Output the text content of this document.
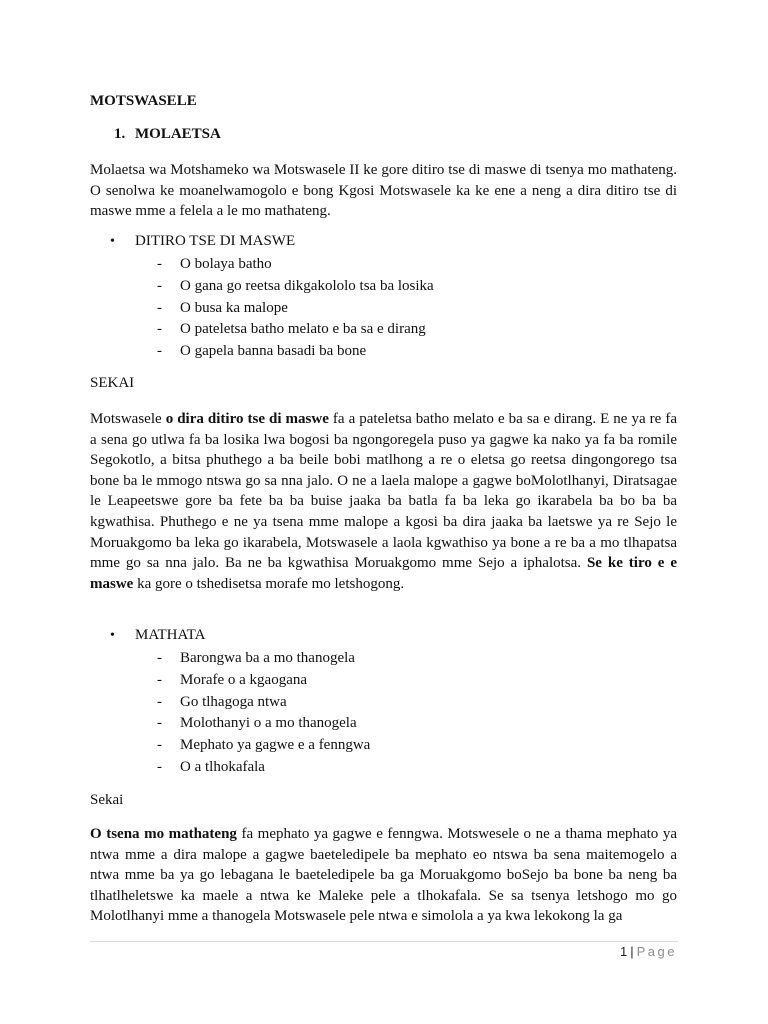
MOTSWASELE
1. MOLAETSA
Molaetsa wa Motshameko wa Motswasele II ke gore ditiro tse di maswe di tsenya mo mathateng. O senolwa ke moanelwamogolo e bong Kgosi Motswasele ka ke ene a neng a dira ditiro tse di maswe mme a felela a le mo mathateng.
• DITIRO TSE DI MASWE
- O bolaya batho
- O gana go reetsa dikgakololo tsa ba losika
- O busa ka malope
- O pateletsa batho melato e ba sa e dirang
- O gapela banna basadi ba bone
SEKAI
Motswasele o dira ditiro tse di maswe fa a pateletsa batho melato e ba sa e dirang. E ne ya re fa a sena go utlwa fa ba losika lwa bogosi ba ngongoregela puso ya gagwe ka nako ya fa ba romile Segokotlo, a bitsa phuthego a ba beile bobi matlhong a re o eletsa go reetsa dingongorego tsa bone ba le mmogo ntswa go sa nna jalo. O ne a laela malope a gagwe boMolotlhanyi, Diratsagae le Leapeetswe gore ba fete ba ba buise jaaka ba batla fa ba leka go ikarabela ba bo ba ba kgwathisa. Phuthego e ne ya tsena mme malope a kgosi ba dira jaaka ba laetswe ya re Sejo le Moruakgomo ba leka go ikarabela, Motswasele a laola kgwathiso ya bone a re ba a mo tlhapatsa mme go sa nna jalo. Ba ne ba kgwathisa Moruakgomo mme Sejo a iphalotsa. Se ke tiro e e maswe ka gore o tshedisetsa morafe mo letshogong.
• MATHATA
- Barongwa ba a mo thanogela
- Morafe o a kgaogana
- Go tlhagoga ntwa
- Molothanyi o a mo thanogela
- Mephato ya gagwe e a fenngwa
- O a tlhokafala
Sekai
O tsena mo mathateng fa mephato ya gagwe e fenngwa. Motswesele o ne a thama mephato ya ntwa mme a dira malope a gagwe baeteledipele ba mephato eo ntswa ba sena maitemogelo a ntwa mme ba ya go lebagana le baeteledipele ba ga Moruakgomo boSejo ba bone ba neng ba tlhatlheletswe ka maele a ntwa ke Maleke pele a tlhokafala. Se sa tsenya letshogo mo go Molotlhanyi mme a thanogela Motswasele pele ntwa e simolola a ya kwa lekokong la ga
1 | Page
